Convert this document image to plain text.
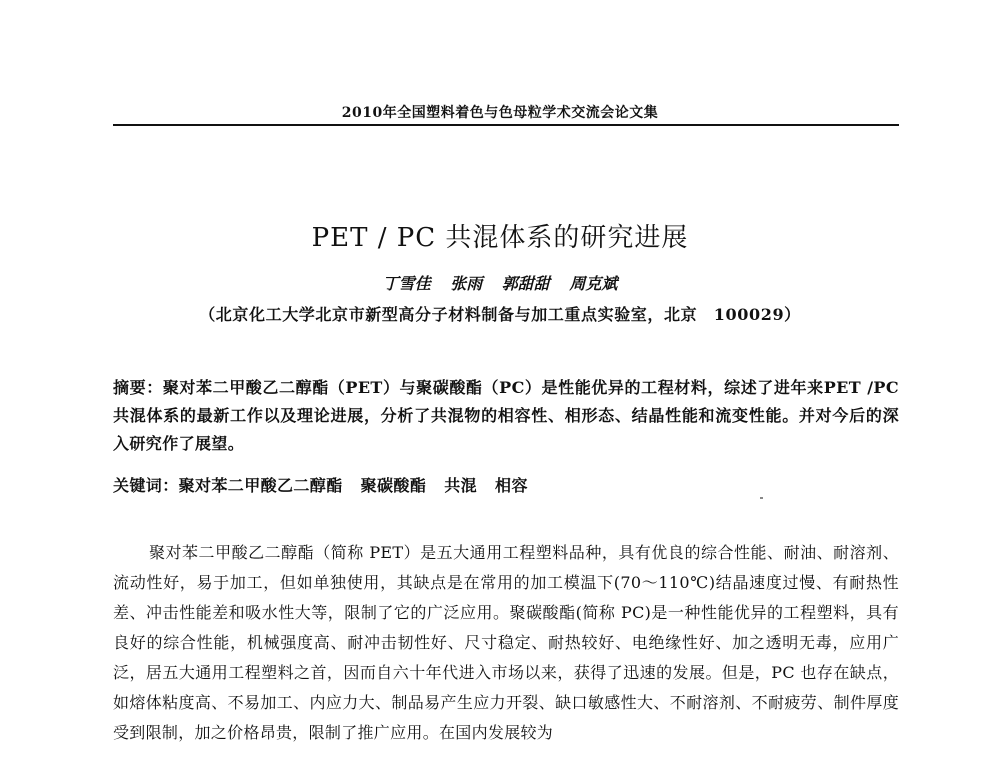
2010年全国塑料着色与色母粒学术交流会论文集
PET / PC 共混体系的研究进展
丁雪佳 张雨 郭甜甜 周克斌
（北京化工大学北京市新型高分子材料制备与加工重点实验室，北京　100029）
摘要：聚对苯二甲酸乙二醇酯（PET）与聚碳酸酯（PC）是性能优异的工程材料，综述了进年来PET /PC共混体系的最新工作以及理论进展，分析了共混物的相容性、相形态、结晶性能和流变性能。并对今后的深入研究作了展望。
关键词：聚对苯二甲酸乙二醇酯 聚碳酸酯 共混 相容
聚对苯二甲酸乙二醇酯（简称 PET）是五大通用工程塑料品种，具有优良的综合性能、耐油、耐溶剂、流动性好，易于加工，但如单独使用，其缺点是在常用的加工模温下(70～110℃)结晶速度过慢、有耐热性差、冲击性能差和吸水性大等，限制了它的广泛应用。聚碳酸酯(简称 PC)是一种性能优异的工程塑料，具有良好的综合性能，机械强度高、耐冲击韧性好、尺寸稳定、耐热较好、电绝缘性好、加之透明无毒，应用广泛，居五大通用工程塑料之首，因而自六十年代进入市场以来，获得了迅速的发展。但是，PC 也存在缺点，如熔体粘度高、不易加工、内应力大、制品易产生应力开裂、缺口敏感性大、不耐溶剂、不耐疲劳、制件厚度受到限制，加之价格昂贵，限制了推广应用。在国内发展较为
